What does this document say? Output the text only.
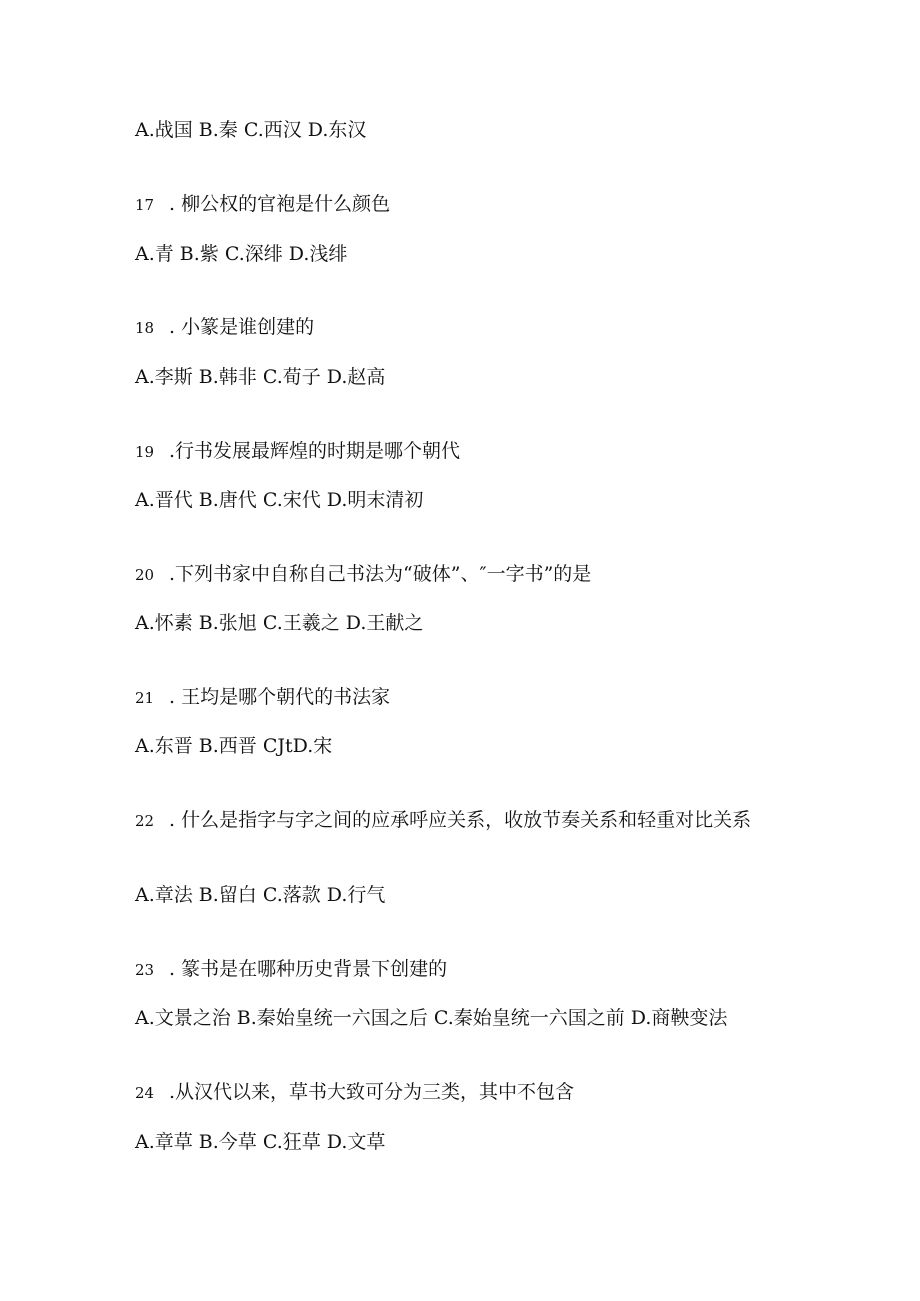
A.战国 B.秦 C.西汉 D.东汉
17 . 柳公权的官袍是什么颜色
A.青 B.紫 C.深绯 D.浅绯
18 . 小篆是谁创建的
A.李斯 B.韩非 C.荀子 D.赵高
19 .行书发展最辉煌的时期是哪个朝代
A.晋代 B.唐代 C.宋代 D.明末清初
20 .下列书家中自称自己书法为“破体”、″一字书”的是
A.怀素 B.张旭 C.王羲之 D.王献之
21 . 王均是哪个朝代的书法家
A.东晋 B.西晋 CJtD.宋
22 . 什么是指字与字之间的应承呼应关系，收放节奏关系和轻重对比关系
A.章法 B.留白 C.落款 D.行气
23 . 篆书是在哪种历史背景下创建的
A.文景之治 B.秦始皇统一六国之后 C.秦始皇统一六国之前 D.商鞅变法
24 .从汉代以来，草书大致可分为三类，其中不包含
A.章草 B.今草 C.狂草 D.文草
